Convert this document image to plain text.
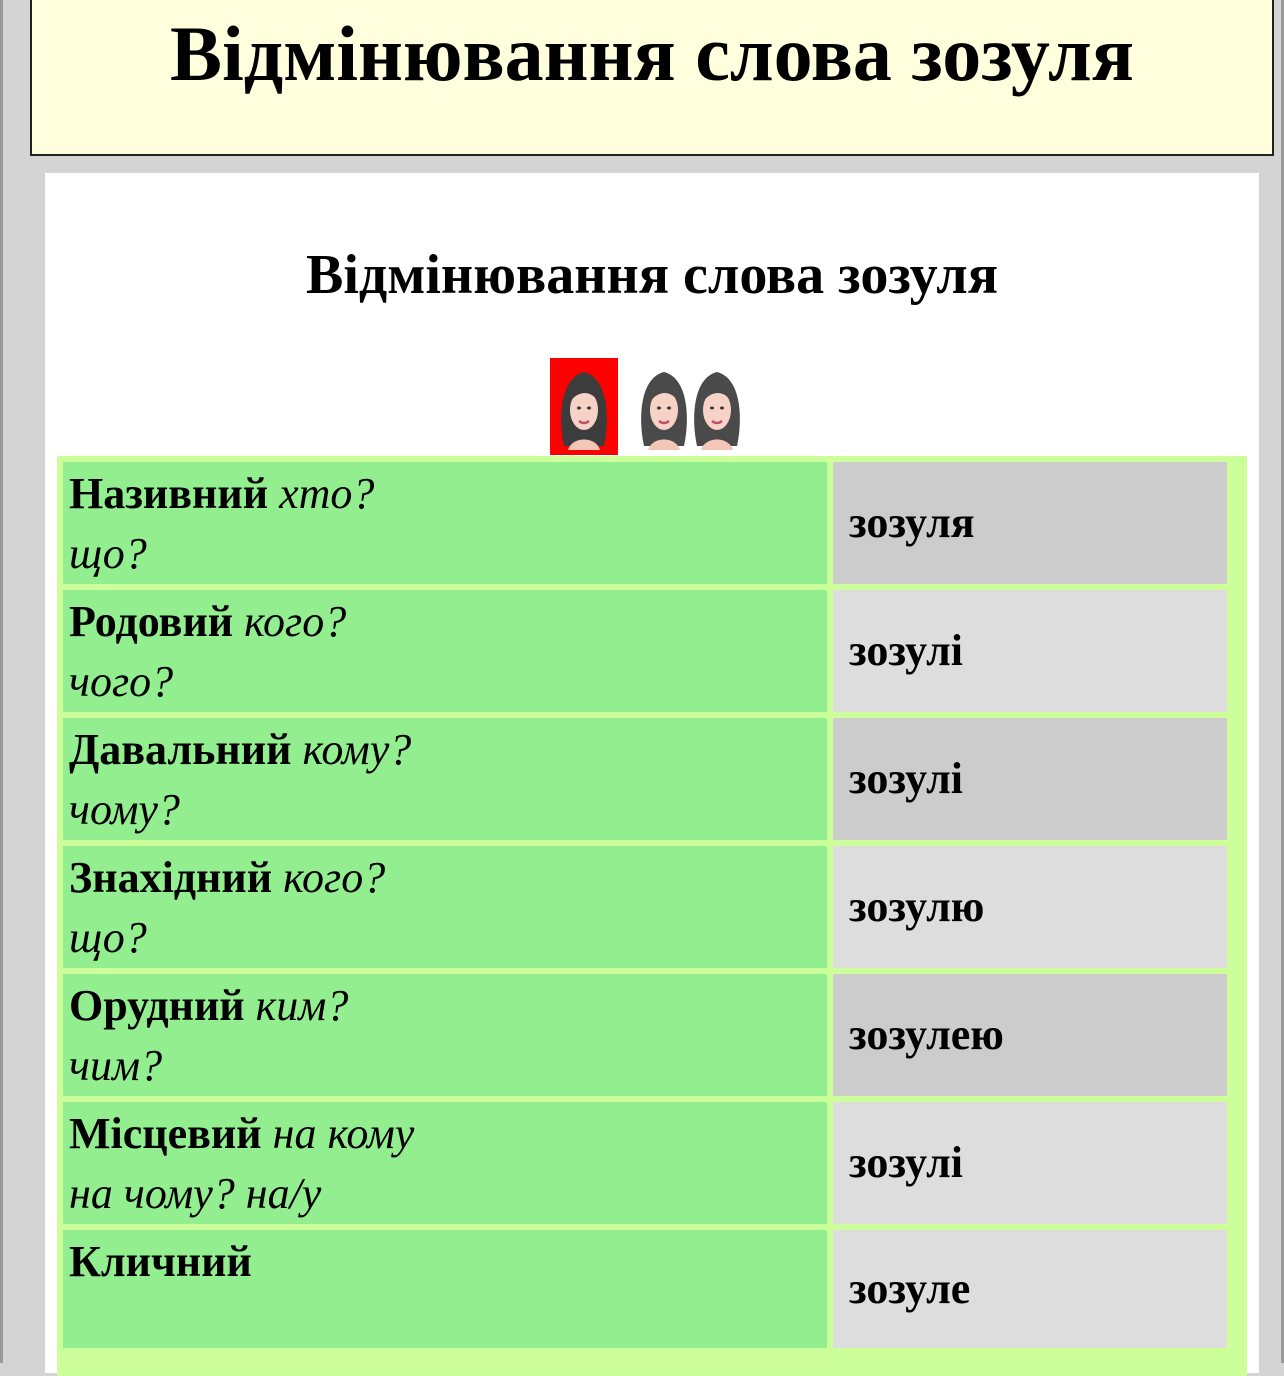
Відмінювання слова зозуля
Відмінювання слова зозуля
Називний хто?
що?	зозуля
Родовий кого?
чого?	зозулі
Давальний кому?
чому?	зозулі
Знахідний кого?
що?	зозулю
Орудний ким?
чим?	зозулею
Місцевий на кому
на чому? на/у	зозулі
Кличний	зозуле
